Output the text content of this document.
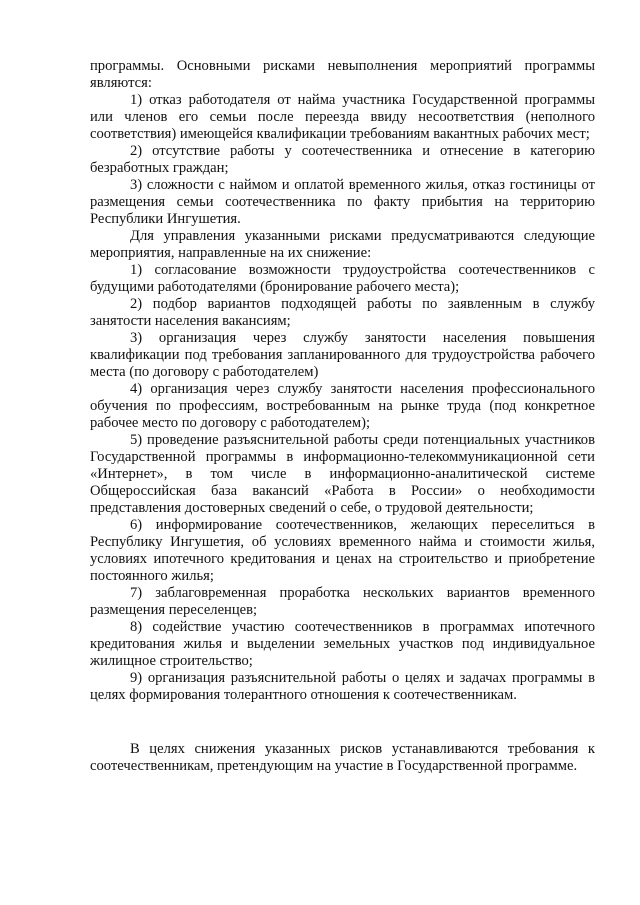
программы. Основными рисками невыполнения мероприятий программы являются:

1) отказ работодателя от найма участника Государственной программы или членов его семьи после переезда ввиду несоответствия (неполного соответствия) имеющейся квалификации требованиям вакантных рабочих мест;

2) отсутствие работы у соотечественника и отнесение в категорию безработных граждан;

3) сложности с наймом и оплатой временного жилья, отказ гостиницы от размещения семьи соотечественника по факту прибытия на территорию Республики Ингушетия.

Для управления указанными рисками предусматриваются следующие мероприятия, направленные на их снижение:

1) согласование возможности трудоустройства соотечественников с будущими работодателями (бронирование рабочего места);

2) подбор вариантов подходящей работы по заявленным в службу занятости населения вакансиям;

3) организация через службу занятости населения повышения квалификации под требования запланированного для трудоустройства рабочего места (по договору с работодателем)

4) организация через службу занятости населения профессионального обучения по профессиям, востребованным на рынке труда (под конкретное рабочее место по договору с работодателем);

5) проведение разъяснительной работы среди потенциальных участников Государственной программы в информационно-телекоммуникационной сети «Интернет», в том числе в информационно-аналитической системе Общероссийская база вакансий «Работа в России» о необходимости представления достоверных сведений о себе, о трудовой деятельности;

6) информирование соотечественников, желающих переселиться в Республику Ингушетия, об условиях временного найма и стоимости жилья, условиях ипотечного кредитования и ценах на строительство и приобретение постоянного жилья;

7) заблаговременная проработка нескольких вариантов временного размещения переселенцев;

8) содействие участию соотечественников в программах ипотечного кредитования жилья и выделении земельных участков под индивидуальное жилищное строительство;

9) организация разъяснительной работы о целях и задачах программы в целях формирования толерантного отношения к соотечественникам.

В целях снижения указанных рисков устанавливаются требования к соотечественникам, претендующим на участие в Государственной программе.
